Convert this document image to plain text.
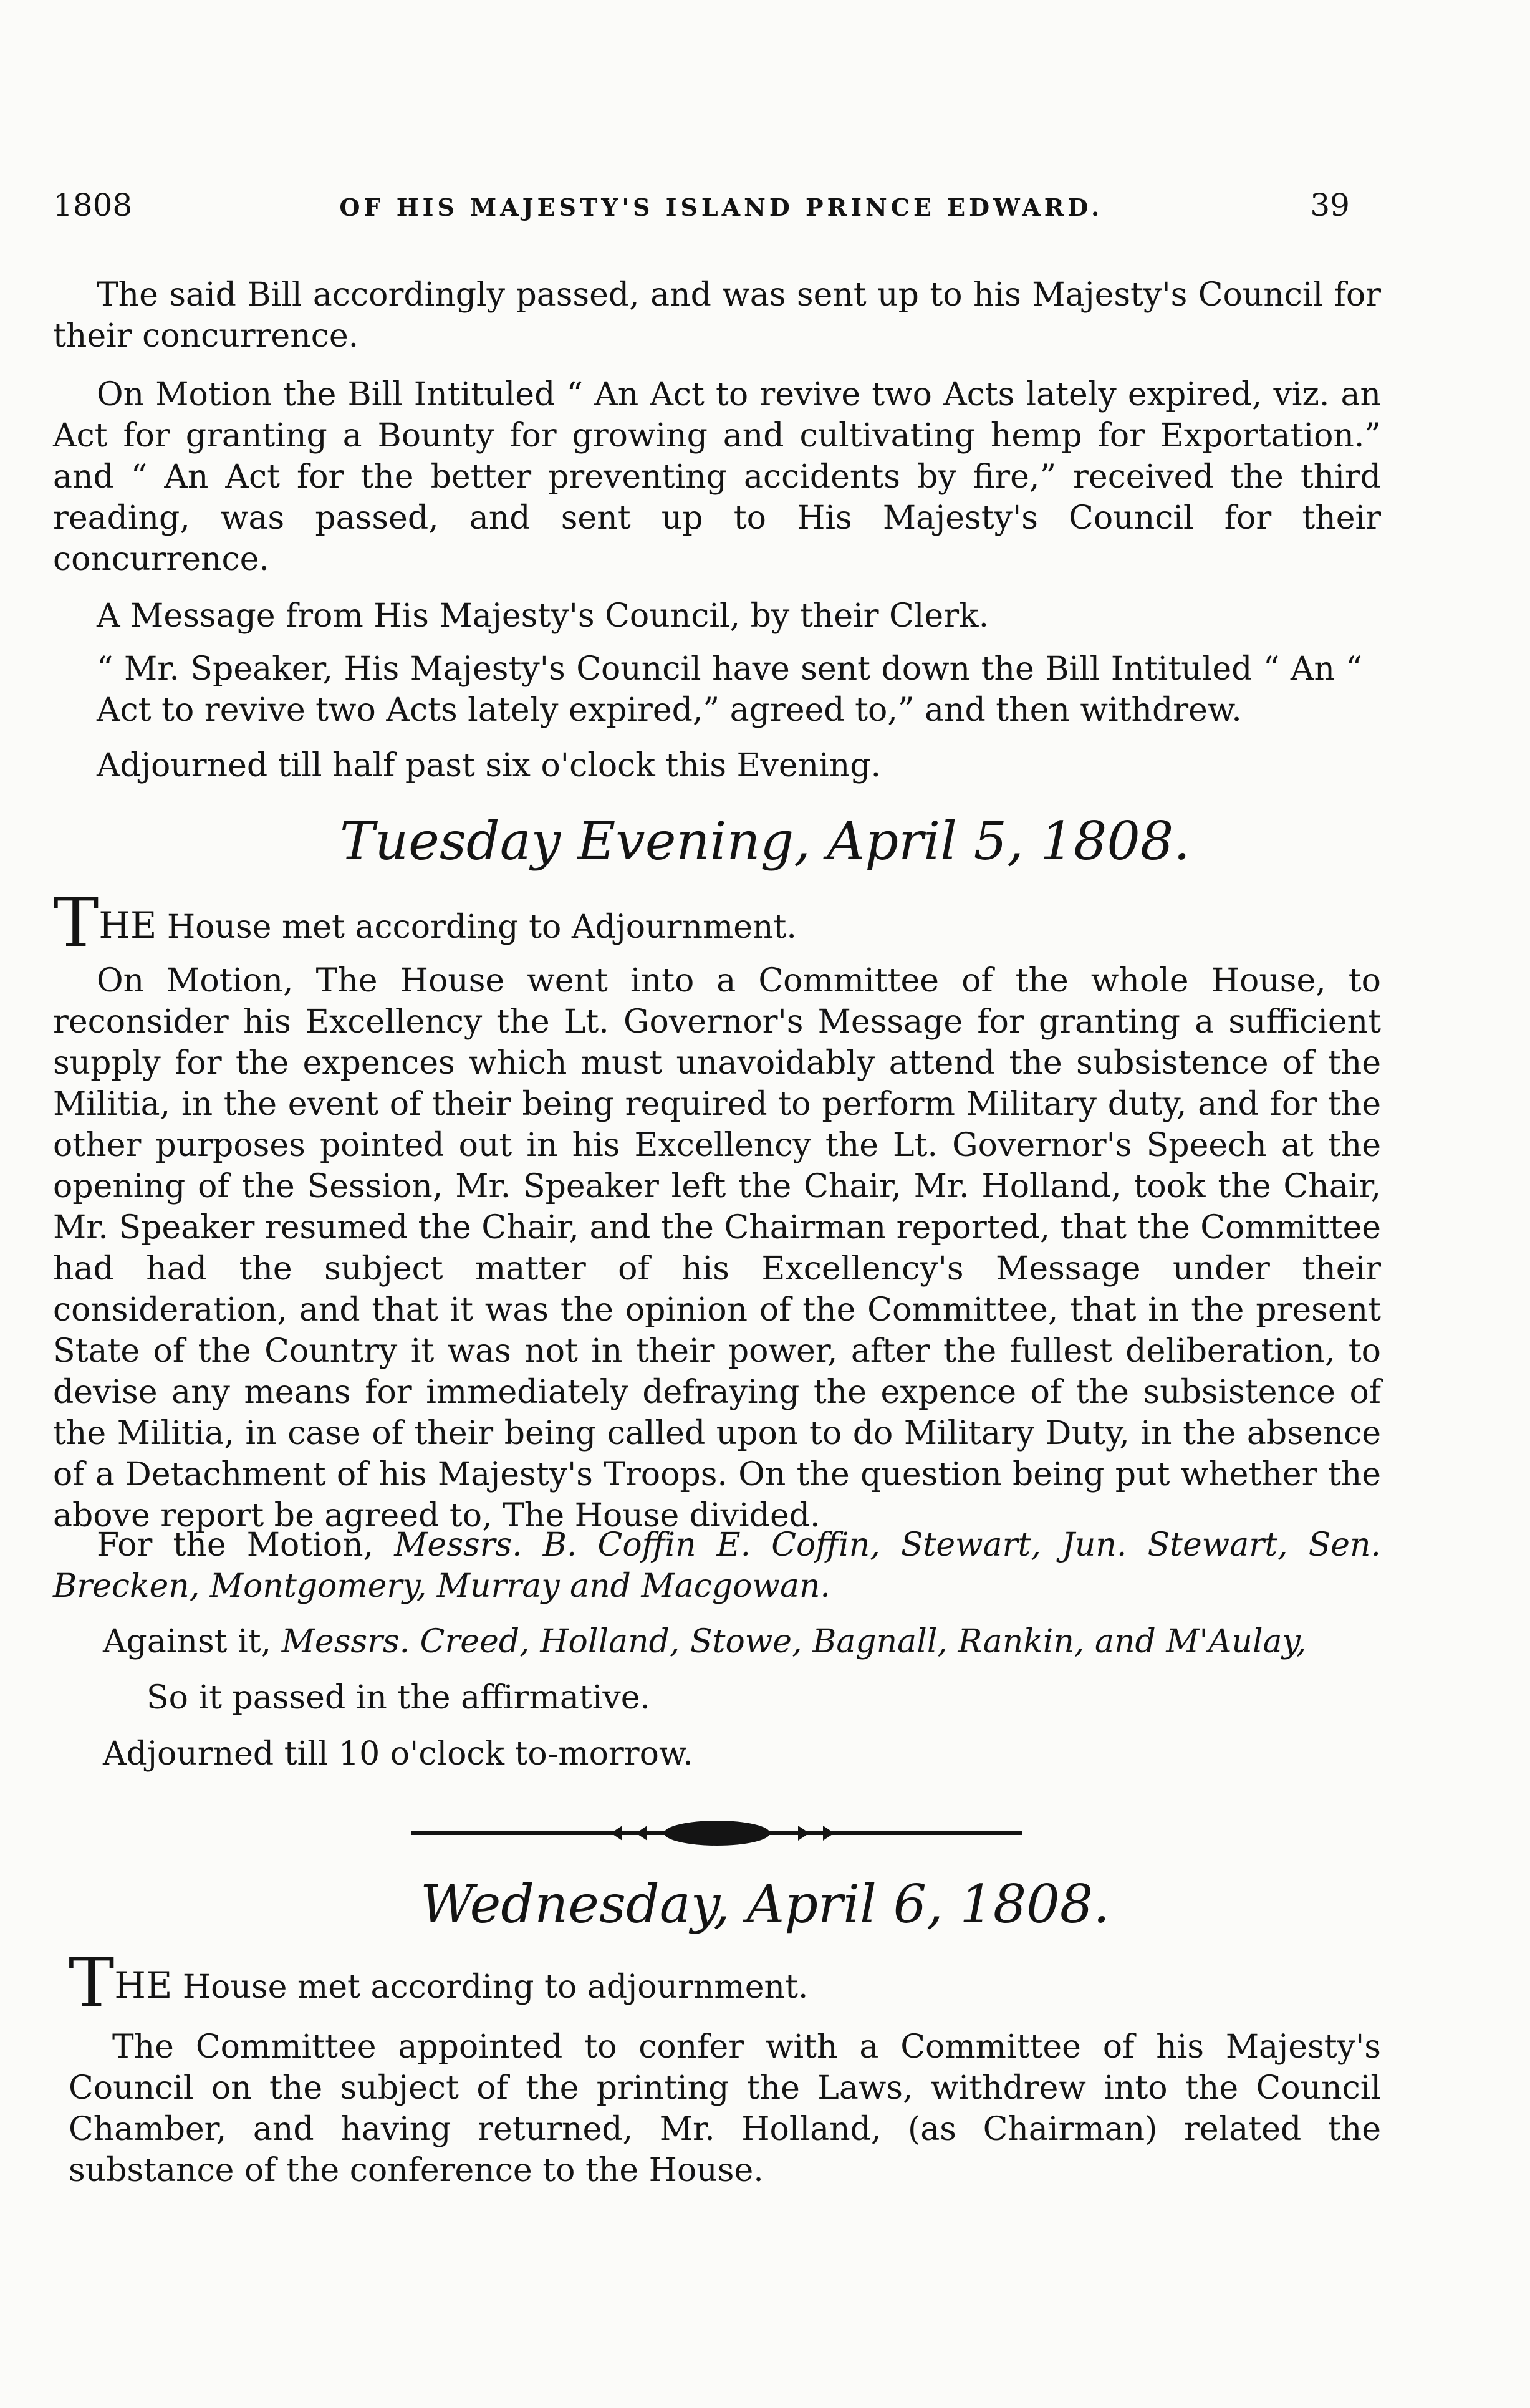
1808	OF HIS MAJESTY'S ISLAND PRINCE EDWARD.	39

The said Bill accordingly passed, and was sent up to his Majesty's Council for their concurrence.

On Motion the Bill Intituled “ An Act to revive two Acts lately expired, viz. an Act for granting a Bounty for growing and cultivating hemp for Exportation.” and “ An Act for the better preventing accidents by fire,” received the third reading, was passed, and sent up to His Majesty's Council for their concurrence.

A Message from His Majesty's Council, by their Clerk.

“ Mr. Speaker, His Majesty's Council have sent down the Bill Intituled “ An “ Act to revive two Acts lately expired,” agreed to,” and then withdrew.

Adjourned till half past six o'clock this Evening.

Tuesday Evening, April 5, 1808.
THE House met according to Adjournment.

On Motion, The House went into a Committee of the whole House, to reconsider his Excellency the Lt. Governor's Message for granting a sufficient supply for the expences which must unavoidably attend the subsistence of the Militia, in the event of their being required to perform Military duty, and for the other purposes pointed out in his Excellency the Lt. Governor's Speech at the opening of the Session, Mr. Speaker left the Chair, Mr. Holland, took the Chair, Mr. Speaker resumed the Chair, and the Chairman reported, that the Committee had had the subject matter of his Excellency's Message under their consideration, and that it was the opinion of the Committee, that in the present State of the Country it was not in their power, after the fullest deliberation, to devise any means for immediately defraying the expence of the subsistence of the Militia, in case of their being called upon to do Military Duty, in the absence of a Detachment of his Majesty's Troops. On the question being put whether the above report be agreed to, The House divided.

For the Motion, Messrs. B. Coffin E. Coffin, Stewart, Jun. Stewart, Sen. Brecken, Montgomery, Murray and Macgowan.

Against it, Messrs. Creed, Holland, Stowe, Bagnall, Rankin, and M'Aulay,

So it passed in the affirmative.

Adjourned till 10 o'clock to-morrow.

Wednesday, April 6, 1808.
THE House met according to adjournment.

The Committee appointed to confer with a Committee of his Majesty's Council on the subject of the printing the Laws, withdrew into the Council Chamber, and having returned, Mr. Holland, (as Chairman) related the substance of the conference to the House.
